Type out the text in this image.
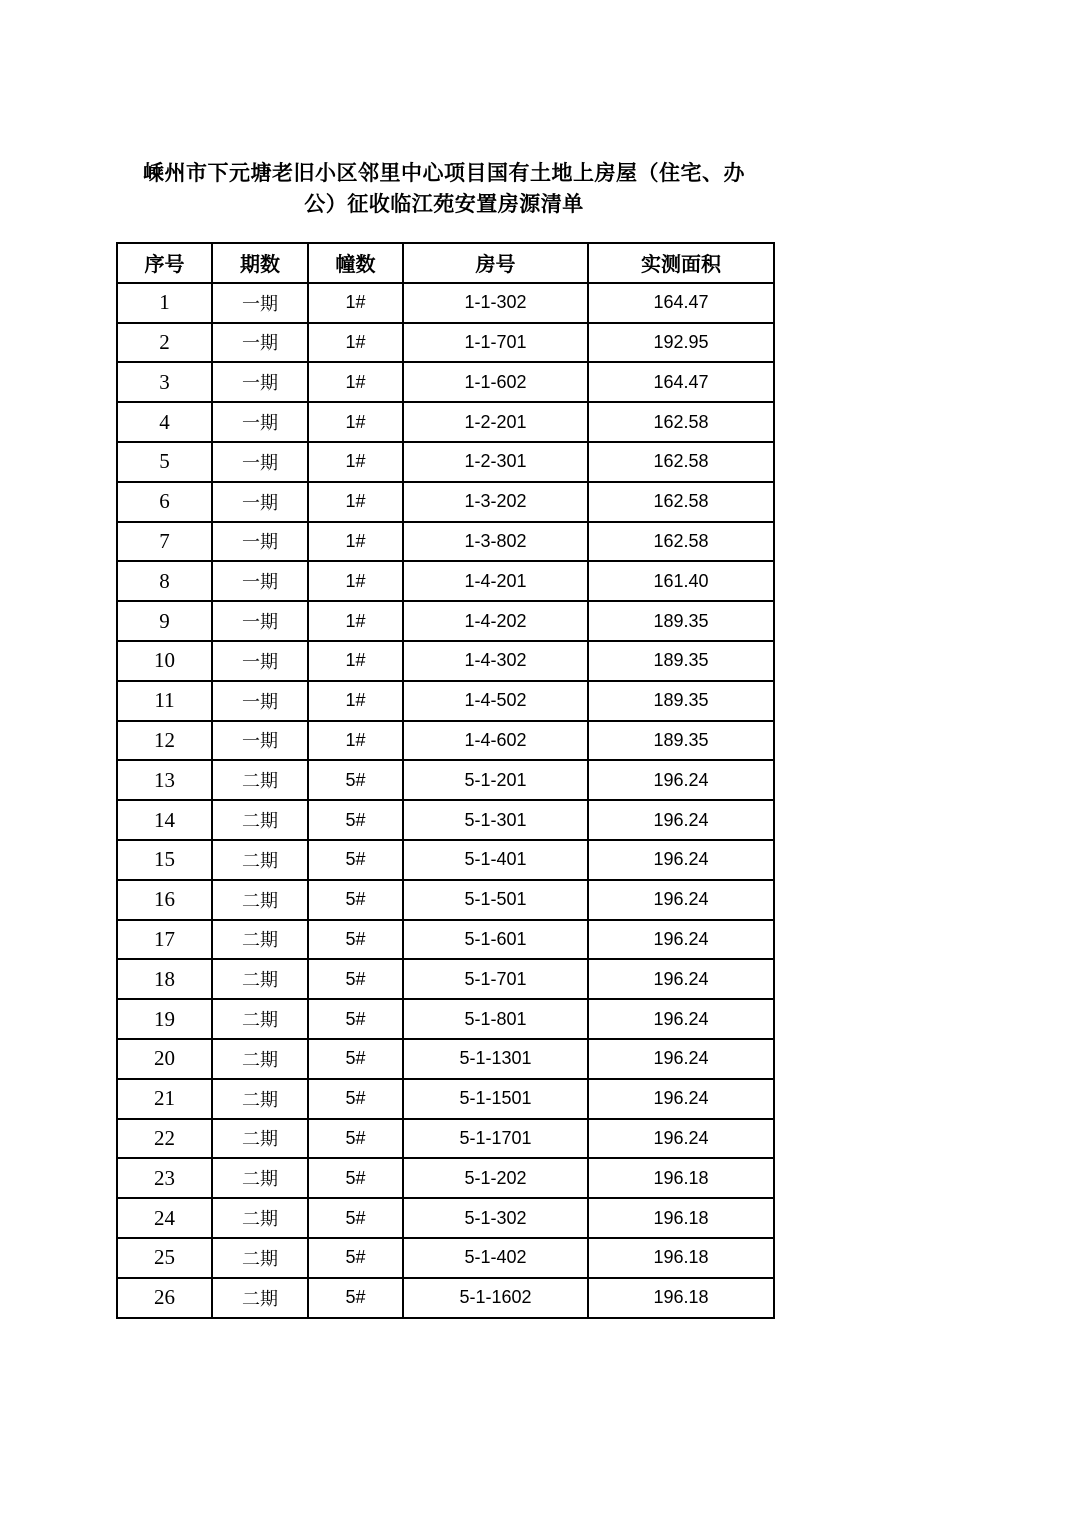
嵊州市下元塘老旧小区邻里中心项目国有土地上房屋（住宅、办
公）征收临江苑安置房源清单
序号	期数	幢数	房号	实测面积
1	一期	1#	1-1-302	164.47
2	一期	1#	1-1-701	192.95
3	一期	1#	1-1-602	164.47
4	一期	1#	1-2-201	162.58
5	一期	1#	1-2-301	162.58
6	一期	1#	1-3-202	162.58
7	一期	1#	1-3-802	162.58
8	一期	1#	1-4-201	161.40
9	一期	1#	1-4-202	189.35
10	一期	1#	1-4-302	189.35
11	一期	1#	1-4-502	189.35
12	一期	1#	1-4-602	189.35
13	二期	5#	5-1-201	196.24
14	二期	5#	5-1-301	196.24
15	二期	5#	5-1-401	196.24
16	二期	5#	5-1-501	196.24
17	二期	5#	5-1-601	196.24
18	二期	5#	5-1-701	196.24
19	二期	5#	5-1-801	196.24
20	二期	5#	5-1-1301	196.24
21	二期	5#	5-1-1501	196.24
22	二期	5#	5-1-1701	196.24
23	二期	5#	5-1-202	196.18
24	二期	5#	5-1-302	196.18
25	二期	5#	5-1-402	196.18
26	二期	5#	5-1-1602	196.18
